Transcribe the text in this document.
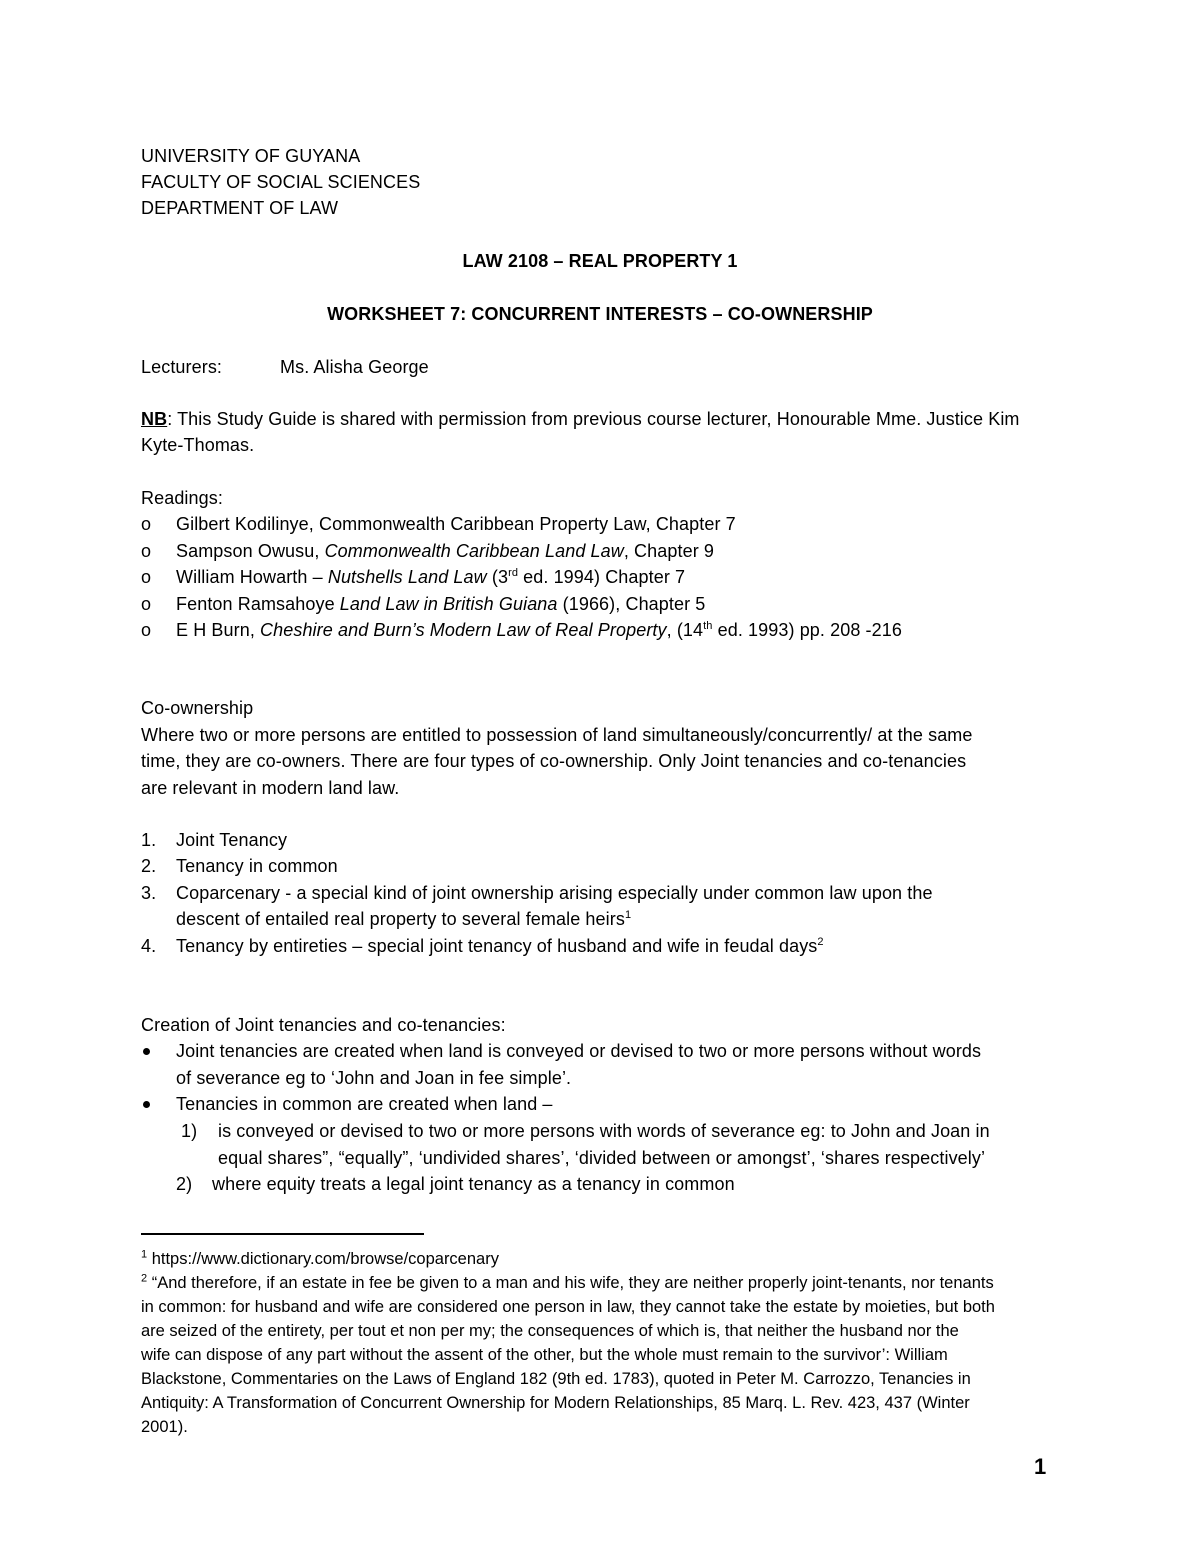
UNIVERSITY OF GUYANA
FACULTY OF SOCIAL SCIENCES
DEPARTMENT OF LAW
LAW 2108 – REAL PROPERTY 1
WORKSHEET 7: CONCURRENT INTERESTS – CO-OWNERSHIP
Lecturers:	Ms. Alisha George
NB: This Study Guide is shared with permission from previous course lecturer, Honourable Mme. Justice Kim
Kyte-Thomas.
Readings:
o Gilbert Kodilinye, Commonwealth Caribbean Property Law, Chapter 7
o Sampson Owusu, Commonwealth Caribbean Land Law, Chapter 9
o William Howarth – Nutshells Land Law (3rd ed. 1994) Chapter 7
o Fenton Ramsahoye Land Law in British Guiana (1966), Chapter 5
o E H Burn, Cheshire and Burn’s Modern Law of Real Property, (14th ed. 1993) pp. 208 -216
Co-ownership
Where two or more persons are entitled to possession of land simultaneously/concurrently/ at the same
time, they are co-owners. There are four types of co-ownership. Only Joint tenancies and co-tenancies
are relevant in modern land law.
1. Joint Tenancy
2. Tenancy in common
3. Coparcenary - a special kind of joint ownership arising especially under common law upon the
descent of entailed real property to several female heirs$^1$
4. Tenancy by entireties – special joint tenancy of husband and wife in feudal days$^2$
Creation of Joint tenancies and co-tenancies:
Joint tenancies are created when land is conveyed or devised to two or more persons without words
of severance eg to ‘John and Joan in fee simple’.
Tenancies in common are created when land –
1) is conveyed or devised to two or more persons with words of severance eg: to John and Joan in
equal shares”, “equally”, ‘undivided shares’, ‘divided between or amongst’, ‘shares respectively’
2) where equity treats a legal joint tenancy as a tenancy in common
$^1$ https://www.dictionary.com/browse/coparcenary
$^2$ “And therefore, if an estate in fee be given to a man and his wife, they are neither properly joint-tenants, nor tenants
in common: for husband and wife are considered one person in law, they cannot take the estate by moieties, but both
are seized of the entirety, per tout et non per my; the consequences of which is, that neither the husband nor the
wife can dispose of any part without the assent of the other, but the whole must remain to the survivor’: William
Blackstone, Commentaries on the Laws of England 182 (9th ed. 1783), quoted in Peter M. Carrozzo, Tenancies in
Antiquity: A Transformation of Concurrent Ownership for Modern Relationships, 85 Marq. L. Rev. 423, 437 (Winter
2001).
1
